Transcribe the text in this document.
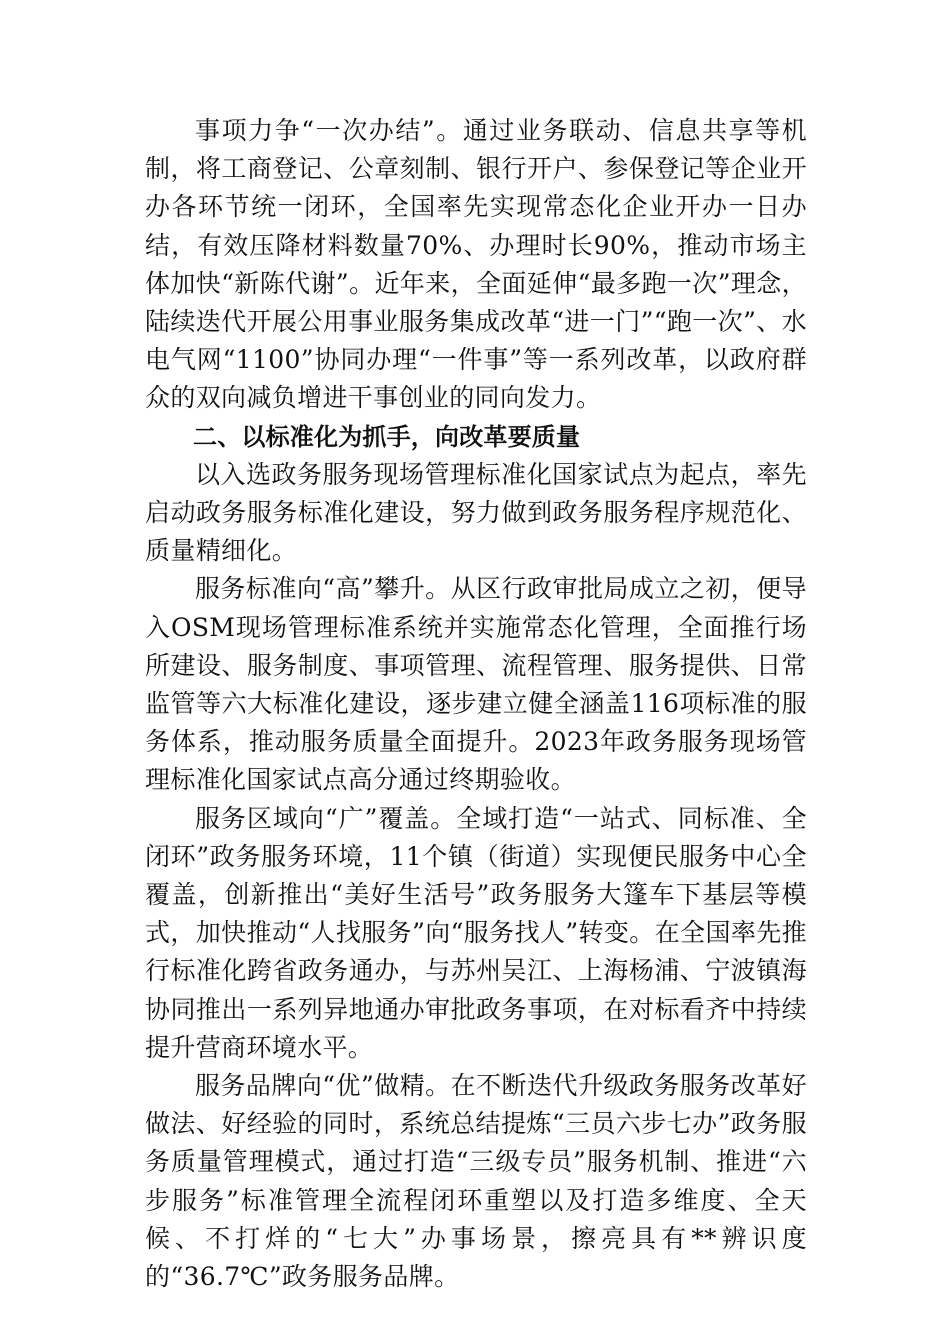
事项力争“一次办结”。通过业务联动、信息共享等机制，将工商登记、公章刻制、银行开户、参保登记等企业开办各环节统一闭环，全国率先实现常态化企业开办一日办结，有效压降材料数量70%、办理时长90%，推动市场主体加快“新陈代谢”。近年来，全面延伸“最多跑一次”理念，陆续迭代开展公用事业服务集成改革“进一门”“跑一次”、水电气网“1100”协同办理“一件事”等一系列改革，以政府群众的双向减负增进干事创业的同向发力。

二、以标准化为抓手，向改革要质量

以入选政务服务现场管理标准化国家试点为起点，率先启动政务服务标准化建设，努力做到政务服务程序规范化、质量精细化。

服务标准向“高”攀升。从区行政审批局成立之初，便导入OSM现场管理标准系统并实施常态化管理，全面推行场所建设、服务制度、事项管理、流程管理、服务提供、日常监管等六大标准化建设，逐步建立健全涵盖116项标准的服务体系，推动服务质量全面提升。2023年政务服务现场管理标准化国家试点高分通过终期验收。

服务区域向“广”覆盖。全域打造“一站式、同标准、全闭环”政务服务环境，11个镇（街道）实现便民服务中心全覆盖，创新推出“美好生活号”政务服务大篷车下基层等模式，加快推动“人找服务”向“服务找人”转变。在全国率先推行标准化跨省政务通办，与苏州吴江、上海杨浦、宁波镇海协同推出一系列异地通办审批政务事项，在对标看齐中持续提升营商环境水平。

服务品牌向“优”做精。在不断迭代升级政务服务改革好做法、好经验的同时，系统总结提炼“三员六步七办”政务服务质量管理模式，通过打造“三级专员”服务机制、推进“六步服务”标准管理全流程闭环重塑以及打造多维度、全天候、不打烊的“七大”办事场景，擦亮具有**辨识度的“36.7℃”政务服务品牌。
